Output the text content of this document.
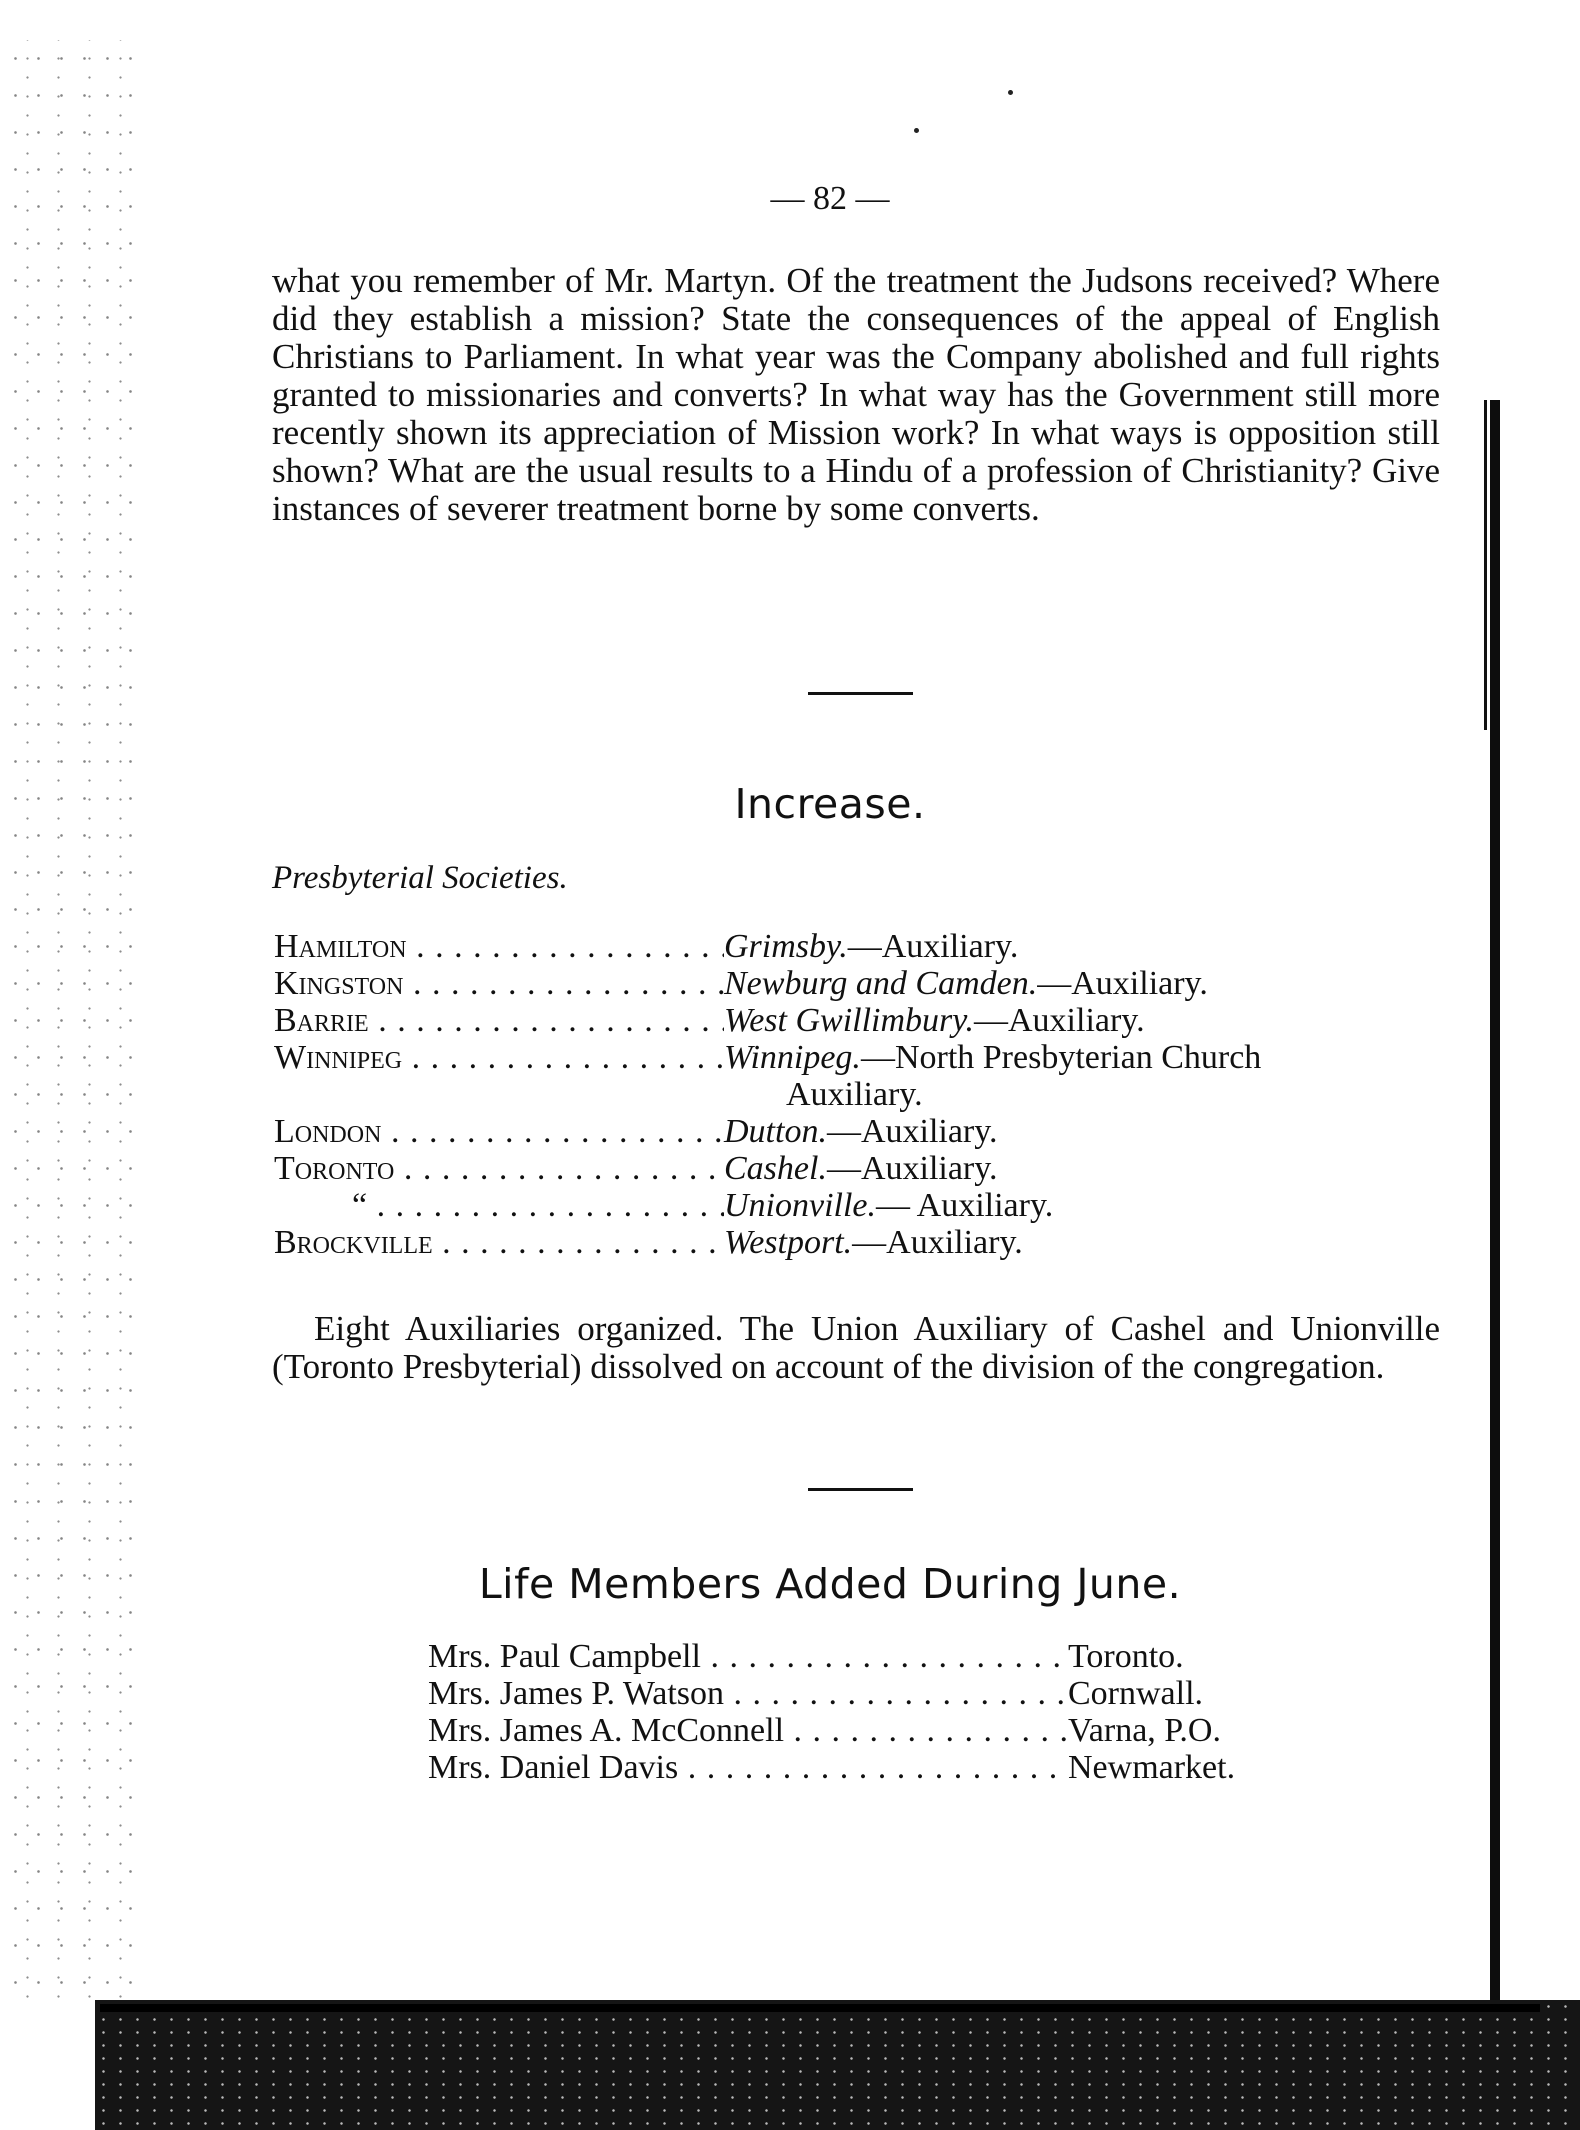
— 82 —

what you remember of Mr. Martyn. Of the treatment the Judsons received? Where did they establish a mission? State the consequences of the appeal of English Christians to Parliament. In what year was the Company abolished and full rights granted to missionaries and converts? In what way has the Government still more recently shown its appreciation of Mission work? In what ways is opposition still shown? What are the usual results to a Hindu of a profession of Christianity? Give instances of severer treatment borne by some converts.

Increase.

Presbyterial Societies.

Hamilton . . .	Grimsby.—Auxiliary.
Kingston . . .	Newburg and Camden.—Auxiliary.
Barrie . . .	West Gwillimbury.—Auxiliary.
Winnipeg . . .	Winnipeg.—North Presbyterian Church
Auxiliary.
London . . .	Dutton.—Auxiliary.
Toronto . . .	Cashel.—Auxiliary.
“ . . .	Unionville.— Auxiliary.
Brockville . . .	Westport.—Auxiliary.

Eight Auxiliaries organized. The Union Auxiliary of Cashel and Unionville (Toronto Presbyterial) dissolved on account of the division of the congregation.

Life Members Added During June.
Mrs. Paul Campbell . . .	Toronto.
Mrs. James P. Watson . . .	Cornwall.
Mrs. James A. McConnell . . .	Varna, P.O.
Mrs. Daniel Davis . . .	Newmarket.
